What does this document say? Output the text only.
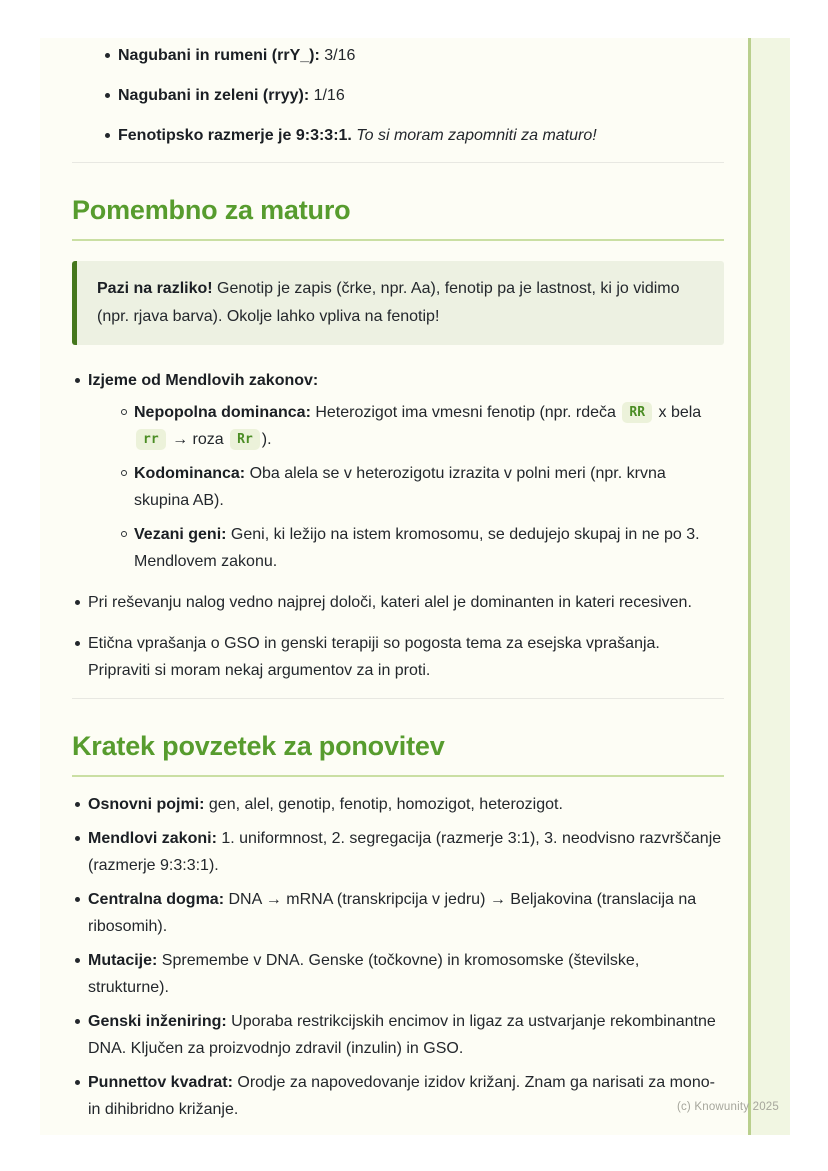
Nagubani in rumeni (rrY_): 3/16
Nagubani in zeleni (rryy): 1/16
Fenotipsko razmerje je 9:3:3:1. To si moram zapomniti za maturo!
Pomembno za maturo
Pazi na razliko! Genotip je zapis (črke, npr. Aa), fenotip pa je lastnost, ki jo vidimo (npr. rjava barva). Okolje lahko vpliva na fenotip!
Izjeme od Mendlovih zakonov:
Nepopolna dominanca: Heterozigot ima vmesni fenotip (npr. rdeča RR x bela rr → roza Rr ).
Kodominanca: Oba alela se v heterozigotu izrazita v polni meri (npr. krvna skupina AB).
Vezani geni: Geni, ki ležijo na istem kromosomu, se dedujejo skupaj in ne po 3. Mendlovem zakonu.
Pri reševanju nalog vedno najprej določi, kateri alel je dominanten in kateri recesiven.
Etična vprašanja o GSO in genski terapiji so pogosta tema za esejska vprašanja. Pripraviti si moram nekaj argumentov za in proti.
Kratek povzetek za ponovitev
Osnovni pojmi: gen, alel, genotip, fenotip, homozigot, heterozigot.
Mendlovi zakoni: 1. uniformnost, 2. segregacija (razmerje 3:1), 3. neodvisno razvrščanje (razmerje 9:3:3:1).
Centralna dogma: DNA → mRNA (transkripcija v jedru) → Beljakovina (translacija na ribosomih).
Mutacije: Spremembe v DNA. Genske (točkovne) in kromosomske (številske, strukturne).
Genski inženiring: Uporaba restrikcijskih encimov in ligaz za ustvarjanje rekombinantne DNA. Ključen za proizvodnjo zdravil (inzulin) in GSO.
Punnettov kvadrat: Orodje za napovedovanje izidov križanj. Znam ga narisati za mono- in dihibridno križanje.	(c) Knowunity 2025
